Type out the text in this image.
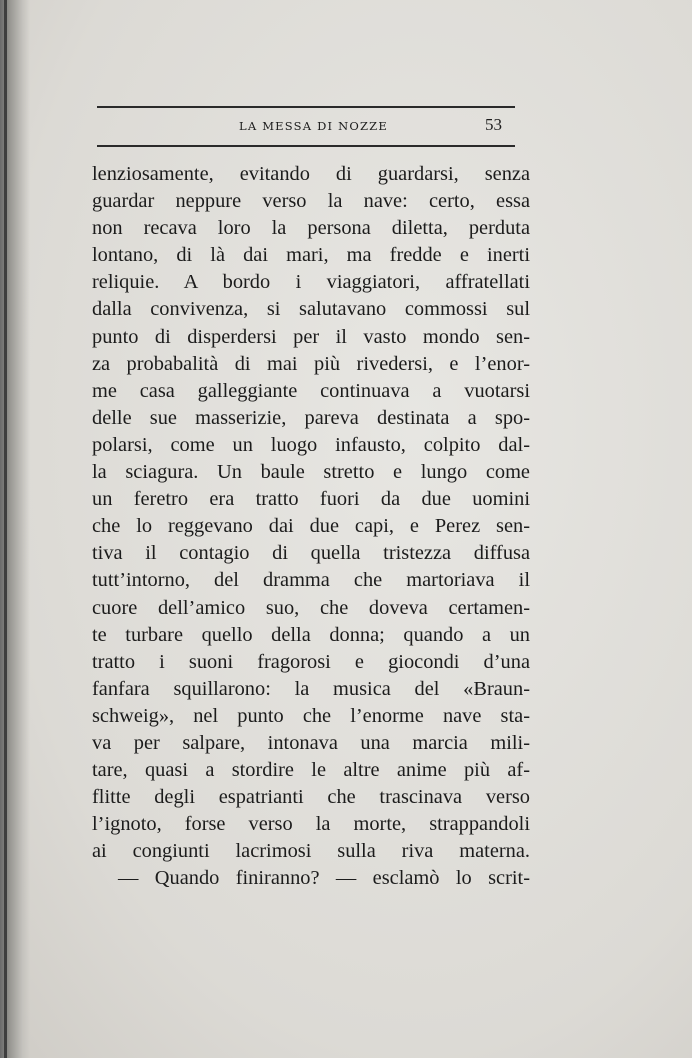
LA MESSA DI NOZZE	53
lenziosamente, evitando di guardarsi, senza
guardar neppure verso la nave: certo, essa
non recava loro la persona diletta, perduta
lontano, di là dai mari, ma fredde e inerti
reliquie. A bordo i viaggiatori, affratellati
dalla convivenza, si salutavano commossi sul
punto di disperdersi per il vasto mondo sen-
za probabalità di mai più rivedersi, e l’enor-
me casa galleggiante continuava a vuotarsi
delle sue masserizie, pareva destinata a spo-
polarsi, come un luogo infausto, colpito dal-
la sciagura. Un baule stretto e lungo come
un feretro era tratto fuori da due uomini
che lo reggevano dai due capi, e Perez sen-
tiva il contagio di quella tristezza diffusa
tutt’intorno, del dramma che martoriava il
cuore dell’amico suo, che doveva certamen-
te turbare quello della donna; quando a un
tratto i suoni fragorosi e giocondi d’una
fanfara squillarono: la musica del «Braun-
schweig», nel punto che l’enorme nave sta-
va per salpare, intonava una marcia mili-
tare, quasi a stordire le altre anime più af-
flitte degli espatrianti che trascinava verso
l’ignoto, forse verso la morte, strappandoli
ai congiunti lacrimosi sulla riva materna.
— Quando finiranno? — esclamò lo scrit-
